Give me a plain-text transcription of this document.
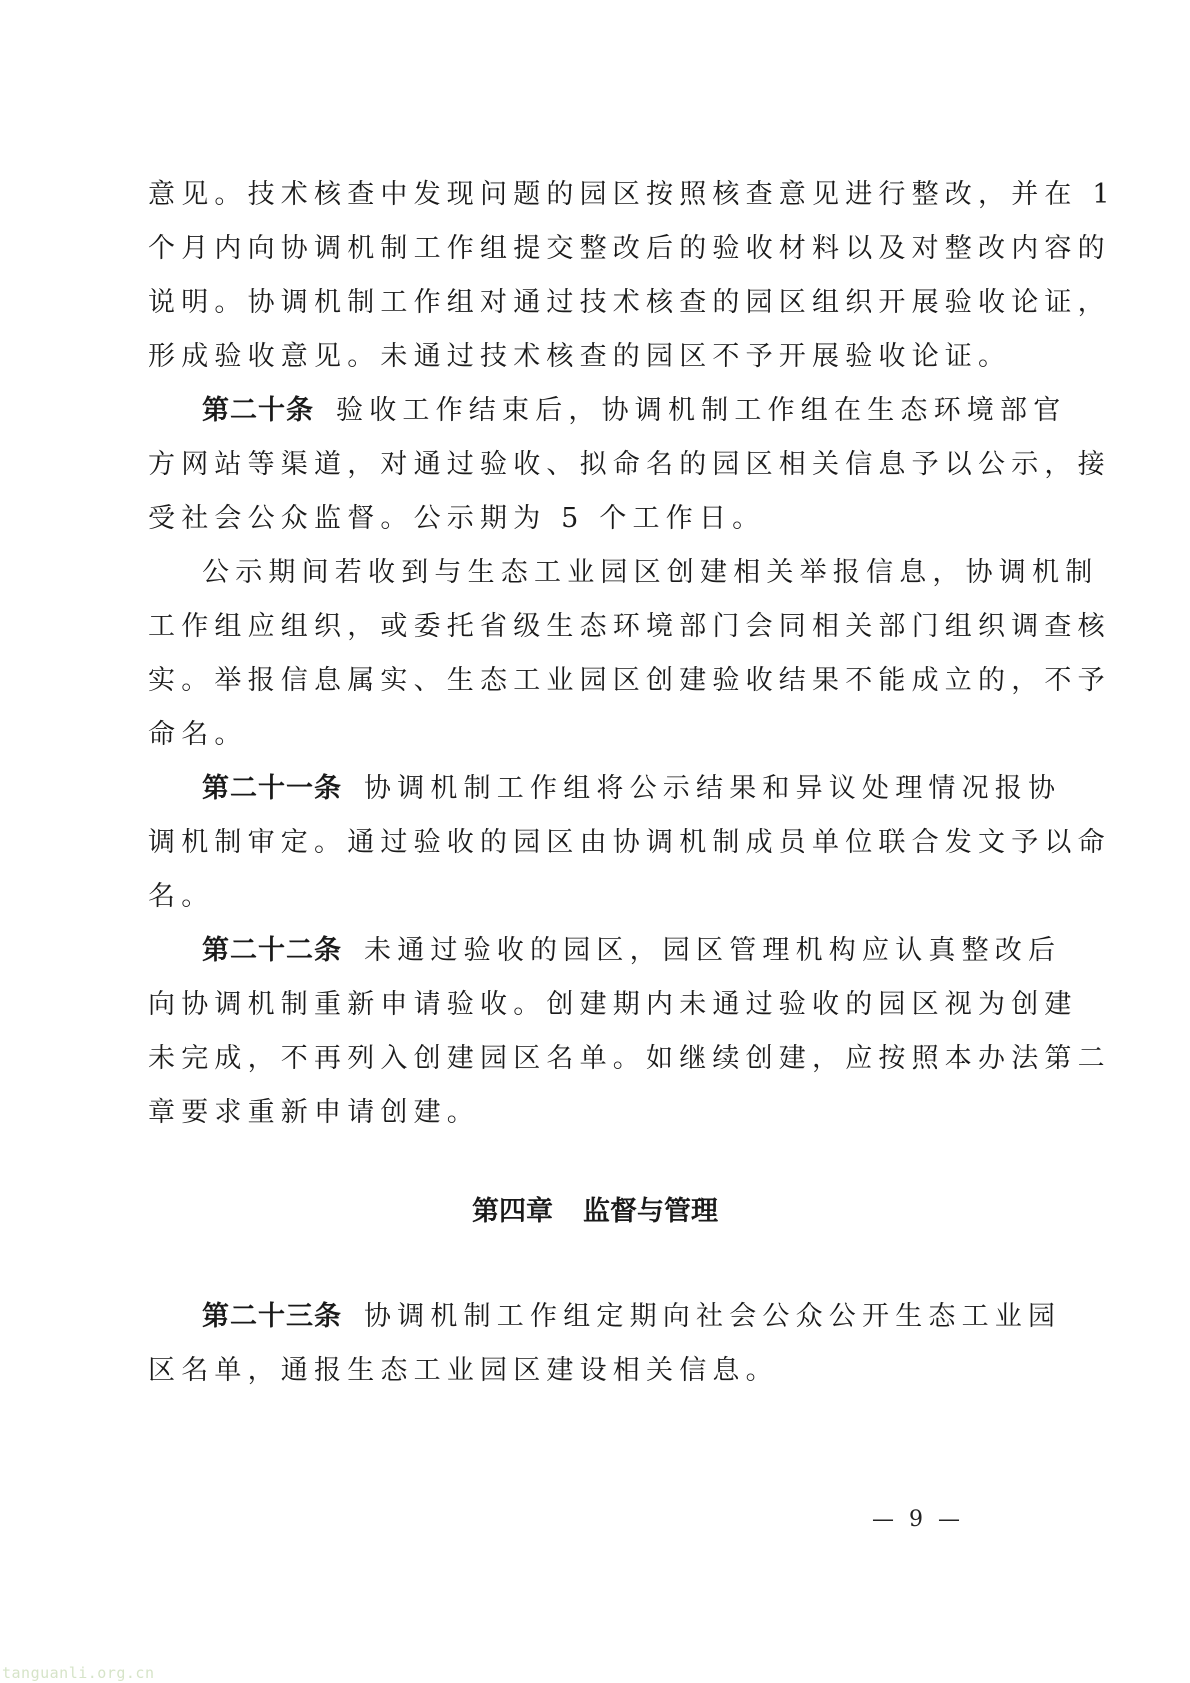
意见。技术核查中发现问题的园区按照核查意见进行整改，并在 1
个月内向协调机制工作组提交整改后的验收材料以及对整改内容的
说明。协调机制工作组对通过技术核查的园区组织开展验收论证，
形成验收意见。未通过技术核查的园区不予开展验收论证。
第二十条 验收工作结束后，协调机制工作组在生态环境部官
方网站等渠道，对通过验收、拟命名的园区相关信息予以公示，接
受社会公众监督。公示期为 5 个工作日。
公示期间若收到与生态工业园区创建相关举报信息，协调机制
工作组应组织，或委托省级生态环境部门会同相关部门组织调查核
实。举报信息属实、生态工业园区创建验收结果不能成立的，不予
命名。
第二十一条 协调机制工作组将公示结果和异议处理情况报协
调机制审定。通过验收的园区由协调机制成员单位联合发文予以命
名。
第二十二条 未通过验收的园区，园区管理机构应认真整改后
向协调机制重新申请验收。创建期内未通过验收的园区视为创建
未完成，不再列入创建园区名单。如继续创建，应按照本办法第二
章要求重新申请创建。
第四章 监督与管理
第二十三条 协调机制工作组定期向社会公众公开生态工业园
区名单，通报生态工业园区建设相关信息。
— 9 —
tanguanli.org.cn
